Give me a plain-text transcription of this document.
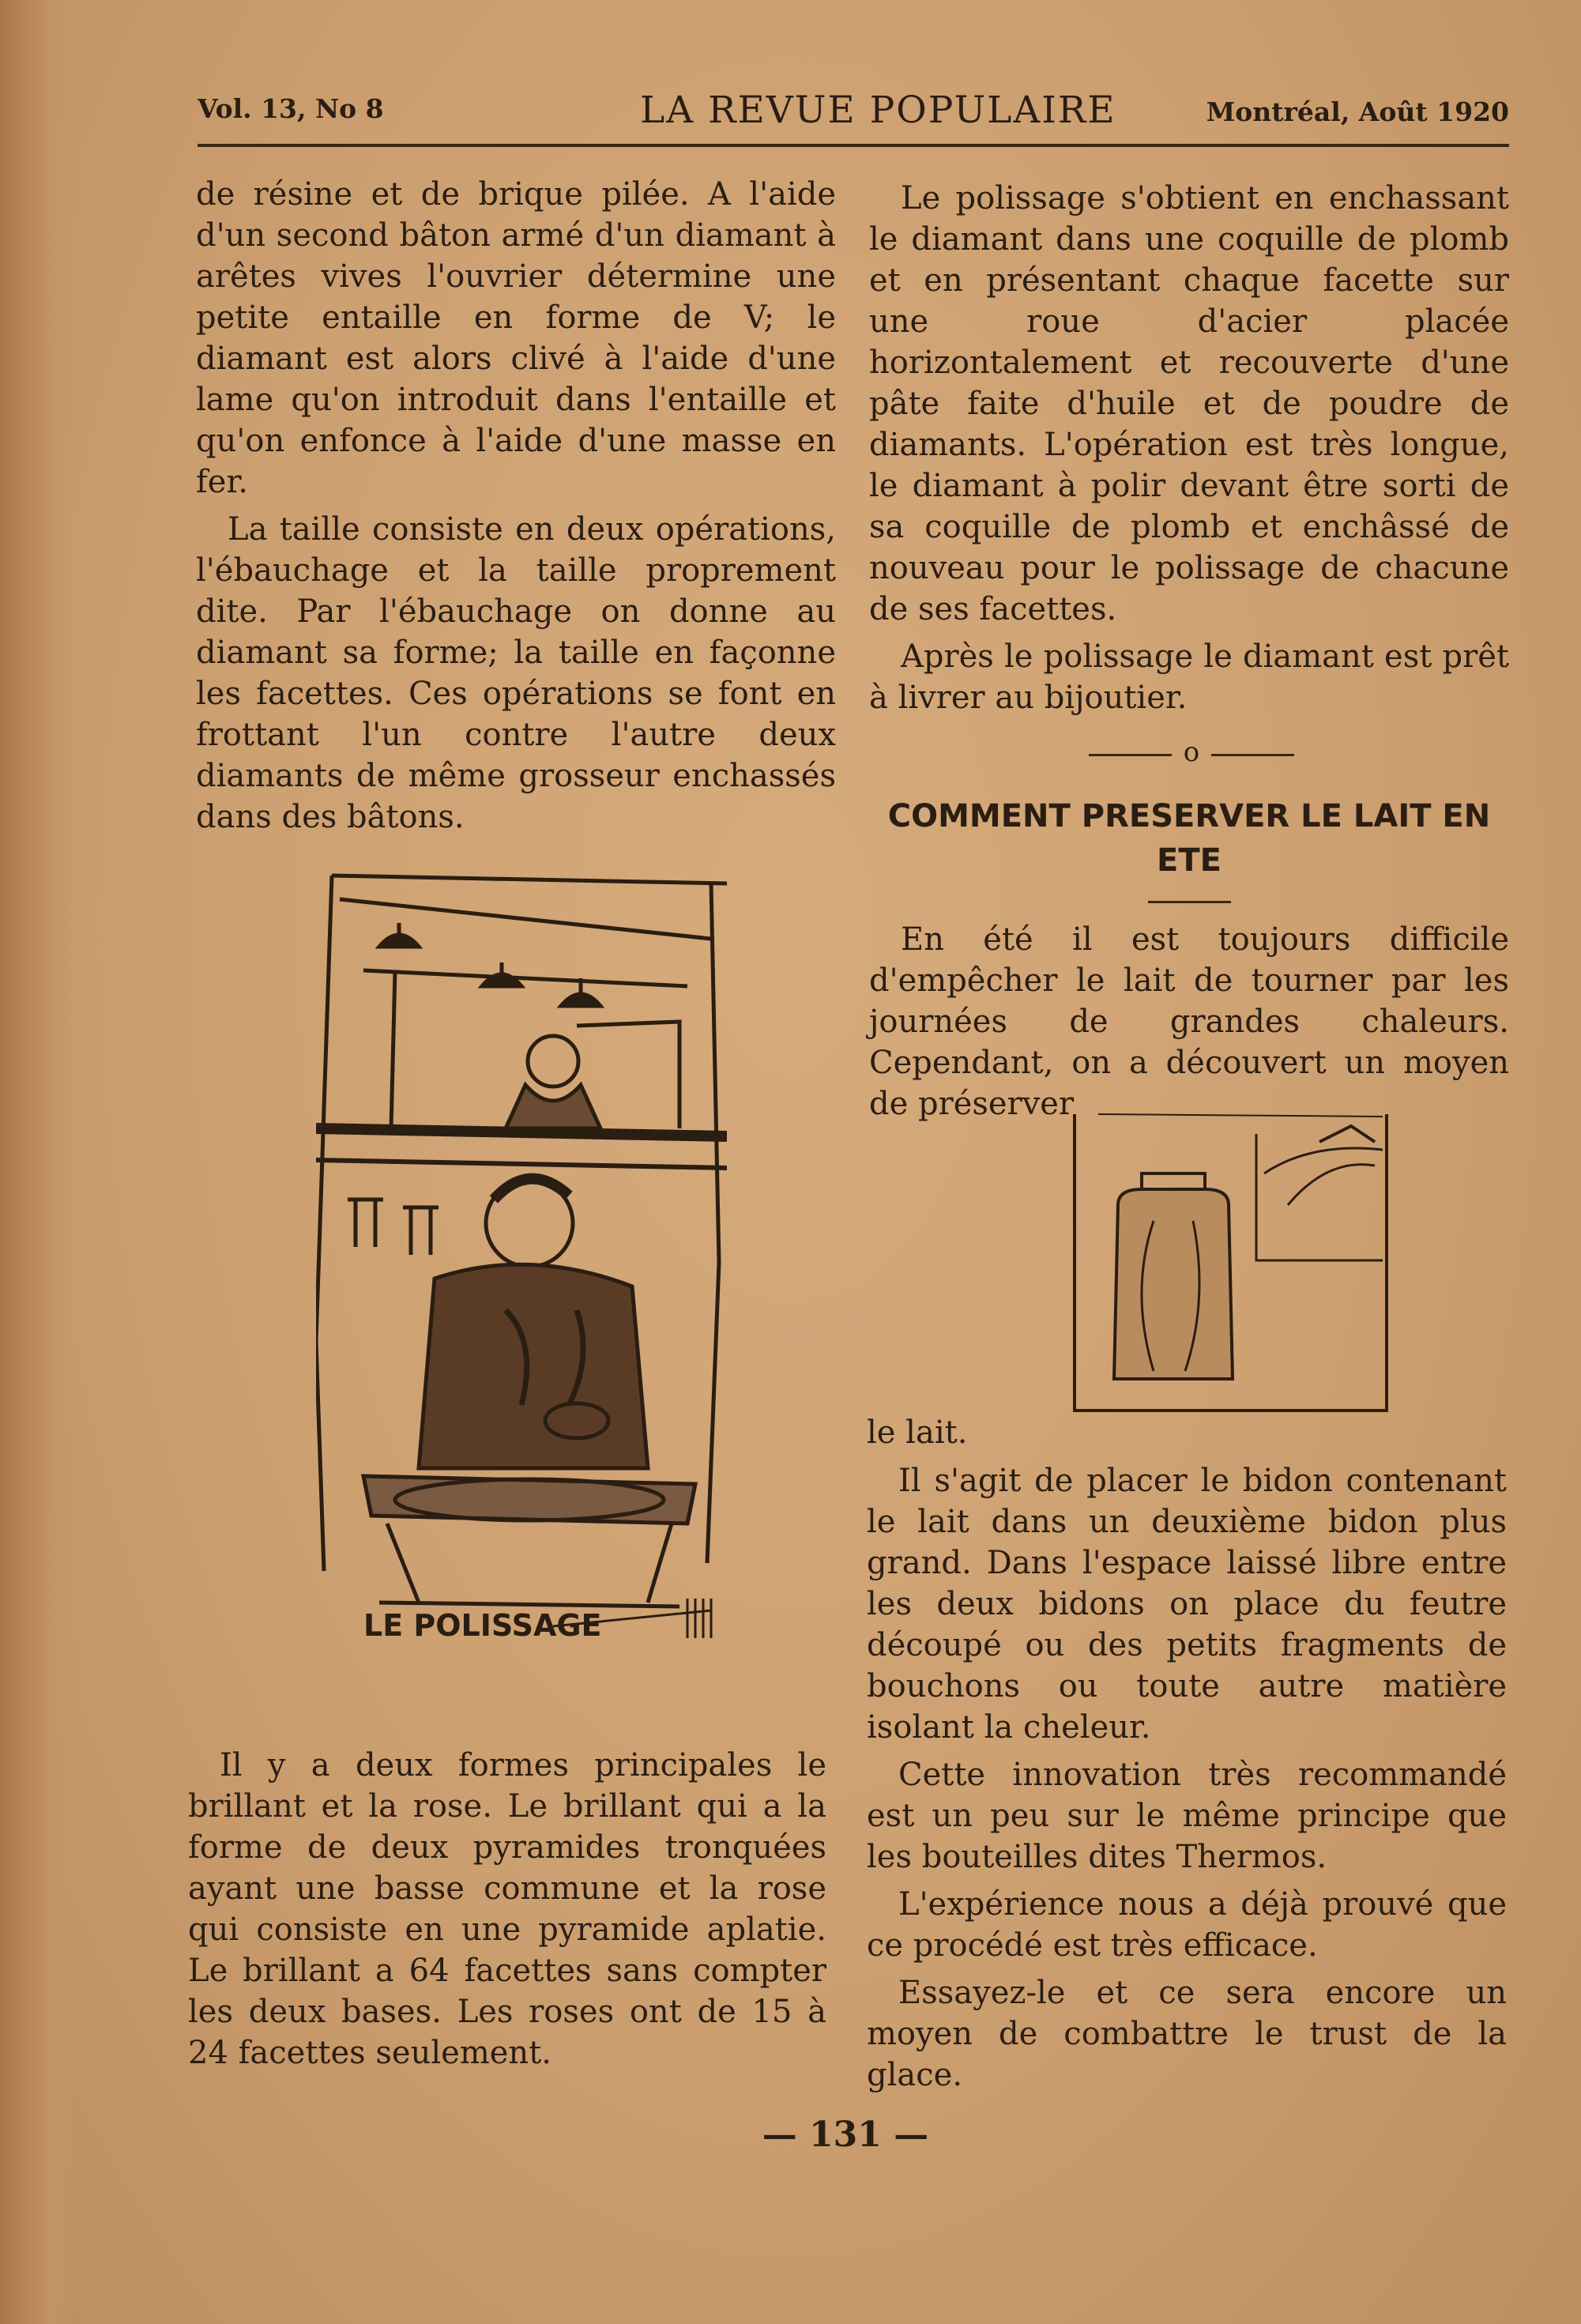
Vol. 13, No 8	LA REVUE POPULAIRE	Montréal, Août 1920

de résine et de brique pilée. A l'aide d'un second bâton armé d'un diamant à arêtes vives l'ouvrier détermine une petite entaille en forme de V; le diamant est alors clivé à l'aide d'une lame qu'on introduit dans l'entaille et qu'on enfonce à l'aide d'une masse en fer.

La taille consiste en deux opérations, l'ébauchage et la taille proprement dite. Par l'ébauchage on donne au diamant sa forme; la taille en façonne les facettes. Ces opérations se font en frottant l'un contre l'autre deux diamants de même grosseur enchassés dans des bâtons.

LE POLISSAGE

Il y a deux formes principales le brillant et la rose. Le brillant qui a la forme de deux pyramides tronquées ayant une basse commune et la rose qui consiste en une pyramide aplatie. Le brillant a 64 facettes sans compter les deux bases. Les roses ont de 15 à 24 facettes seulement.

Le polissage s'obtient en enchassant le diamant dans une coquille de plomb et en présentant chaque facette sur une roue d'acier placée horizontalement et recouverte d'une pâte faite d'huile et de poudre de diamants. L'opération est très longue, le diamant à polir devant être sorti de sa coquille de plomb et enchâssé de nouveau pour le polissage de chacune de ses facettes.

Après le polissage le diamant est prêt à livrer au bijoutier.

o
COMMENT PRESERVER LE LAIT EN ETE

En été il est toujours difficile d'empêcher le lait de tourner par les journées de grandes chaleurs. Cependant, on a découvert un moyen de préserver

le lait.

Il s'agit de placer le bidon contenant le lait dans un deuxième bidon plus grand. Dans l'espace laissé libre entre les deux bidons on place du feutre découpé ou des petits fragments de bouchons ou toute autre matière isolant la cheleur.

Cette innovation très recommandé est un peu sur le même principe que les bouteilles dites Thermos.

L'expérience nous a déjà prouvé que ce procédé est très efficace.

Essayez-le et ce sera encore un moyen de combattre le trust de la glace.

— 131 —
